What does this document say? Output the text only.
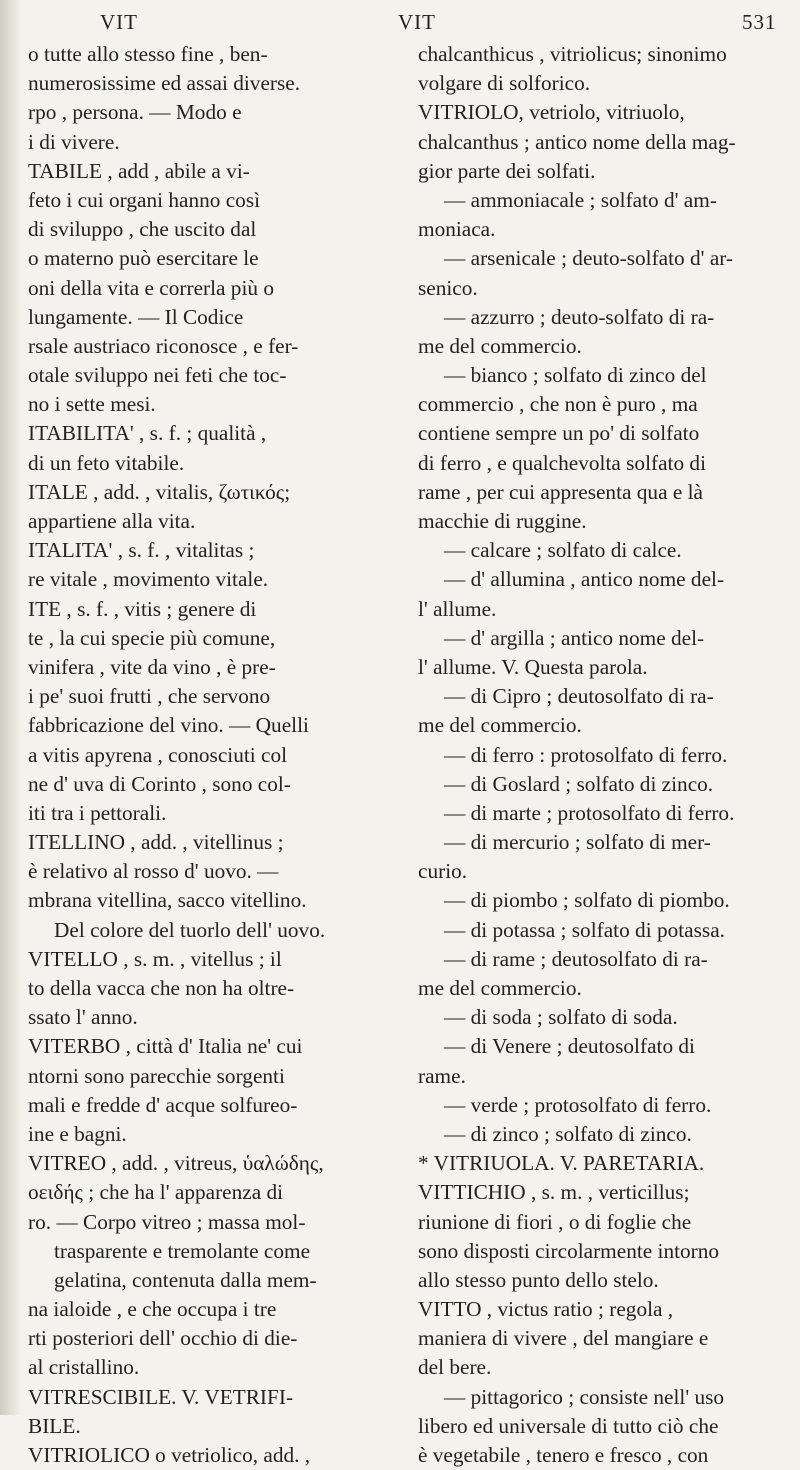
VIT	VIT	531
o tutte allo stesso fine , ben-
numerosissime ed assai diverse.
rpo , persona. — Modo e
i di vivere.
TABILE , add , abile a vi-
feto i cui organi hanno così
di sviluppo , che uscito dal
o materno può esercitare le
oni della vita e correrla più o
lungamente. — Il Codice
rsale austriaco riconosce , e fer-
otale sviluppo nei feti che toc-
no i sette mesi.
ITABILITA' , s. f. ; qualità ,
di un feto vitabile.
ITALE , add. , vitalis, ζωτικός;
appartiene alla vita.
ITALITA' , s. f. , vitalitas ;
re vitale , movimento vitale.
ITE , s. f. , vitis ; genere di
te , la cui specie più comune,
vinifera , vite da vino , è pre-
i pe' suoi frutti , che servono
fabbricazione del vino. — Quelli
a vitis apyrena , conosciuti col
ne d' uva di Corinto , sono col-
iti tra i pettorali.
ITELLINO , add. , vitellinus ;
è relativo al rosso d' uovo. —
mbrana vitellina, sacco vitellino.
Del colore del tuorlo dell' uovo.
VITELLO , s. m. , vitellus ; il
to della vacca che non ha oltre-
ssato l' anno.
VITERBO , città d' Italia ne' cui
ntorni sono parecchie sorgenti
mali e fredde d' acque solfureo-
ine e bagni.
VITREO , add. , vitreus, ὑαλώδης,
οειδής ; che ha l' apparenza di
ro. — Corpo vitreo ; massa mol-
trasparente e tremolante come
gelatina, contenuta dalla mem-
na ialoide , e che occupa i tre
rti posteriori dell' occhio di die-
al cristallino.
VITRESCIBILE. V. VETRIFI-
BILE.
VITRIOLICO o vetriolico, add. ,
chalcanthicus , vitriolicus; sinonimo
volgare di solforico.
VITRIOLO, vetriolo, vitriuolo,
chalcanthus ; antico nome della mag-
gior parte dei solfati.
— ammoniacale ; solfato d' am-
moniaca.
— arsenicale ; deuto-solfato d' ar-
senico.
— azzurro ; deuto-solfato di ra-
me del commercio.
— bianco ; solfato di zinco del
commercio , che non è puro , ma
contiene sempre un po' di solfato
di ferro , e qualchevolta solfato di
rame , per cui appresenta qua e là
macchie di ruggine.
— calcare ; solfato di calce.
— d' allumina , antico nome del-
l' allume.
— d' argilla ; antico nome del-
l' allume. V. Questa parola.
— di Cipro ; deutosolfato di ra-
me del commercio.
— di ferro : protosolfato di ferro.
— di Goslard ; solfato di zinco.
— di marte ; protosolfato di ferro.
— di mercurio ; solfato di mer-
curio.
— di piombo ; solfato di piombo.
— di potassa ; solfato di potassa.
— di rame ; deutosolfato di ra-
me del commercio.
— di soda ; solfato di soda.
— di Venere ; deutosolfato di
rame.
— verde ; protosolfato di ferro.
— di zinco ; solfato di zinco.
* VITRIUOLA. V. PARETARIA.
VITTICHIO , s. m. , verticillus;
riunione di fiori , o di foglie che
sono disposti circolarmente intorno
allo stesso punto dello stelo.
VITTO , victus ratio ; regola ,
maniera di vivere , del mangiare e
del bere.
— pittagorico ; consiste nell' uso
libero ed universale di tutto ciò che
è vegetabile , tenero e fresco , con
